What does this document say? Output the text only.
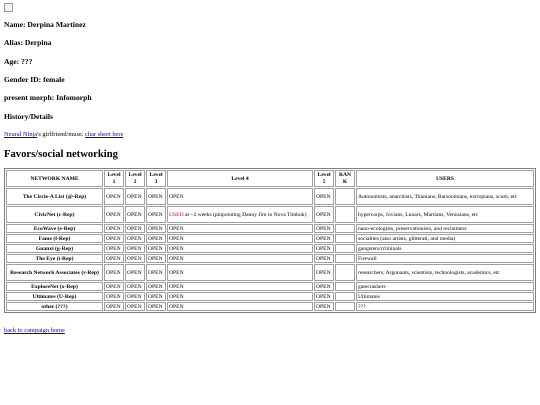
Name: Derpina Martinez
Alias: Derpina
Age: ???
Gender ID: female
present morph: Infomorph
History/Details
Neural Ninja's girlfriend/muse. char sheet here
Favors/social networking
NETWORK NAME	Level 1	Level 2	Level 3	Level 4	Level 5	RANK	USERS
The Circle-A List (@-Rep)	OPEN	OPEN	OPEN	OPEN	OPEN		Autonomists, anarchists, Titanians, Barsoomians, extropians, scum, etc
CivicNet (c-Rep)	OPEN	OPEN	OPEN	USED at ~2 weeks (pinpointing Danny Jim to Nova Timbuk)	OPEN		hypercorps, Jovians, Lunars, Martians, Venusians, etc
EcoWave (e-Rep)	OPEN	OPEN	OPEN	OPEN	OPEN		nano-ecologists, preservationists, and reclaimers
Fame (f-Rep)	OPEN	OPEN	OPEN	OPEN	OPEN		socialites (also artists, glitterati, and media)
Guanxi (g-Rep)	OPEN	OPEN	OPEN	OPEN	OPEN		gangsters/criminals
The Eye (i-Rep)	OPEN	OPEN	OPEN	OPEN	OPEN		Firewall
Research Network Associates (r-Rep)	OPEN	OPEN	OPEN	OPEN	OPEN		researchers, Argonauts, scientists, technologists, academics, etc
ExploreNet (x-Rep)	OPEN	OPEN	OPEN	OPEN	OPEN		gatecrashers
Ultimates (U-Rep)	OPEN	OPEN	OPEN	OPEN	OPEN		Ultimates
other (???)	OPEN	OPEN	OPEN	OPEN	OPEN		???
back to campaign home
